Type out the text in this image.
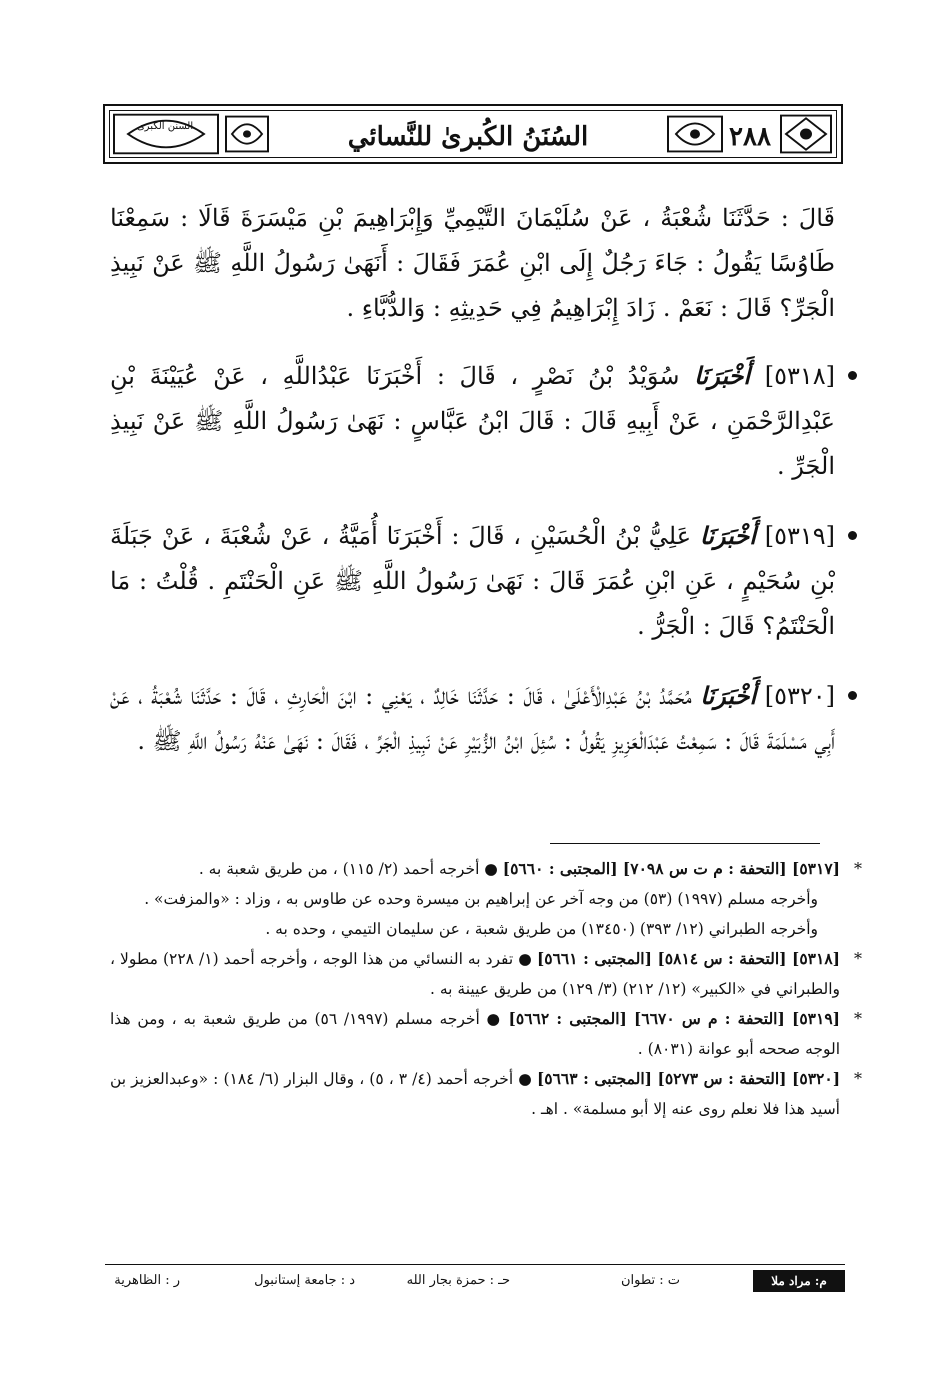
٢٨٨
السُنَنُ الكُبرىٰ للنَّسائي
السنن الكبرى

قَالَ : حَدَّثَنَا شُعْبَةُ ، عَنْ سُلَيْمَانَ التَّيْمِيِّ وَإِبْرَاهِيمَ بْنِ مَيْسَرَةَ قَالَا : سَمِعْنَا طَاوُسًا يَقُولُ : جَاءَ رَجُلٌ إِلَى ابْنِ عُمَرَ فَقَالَ : أَنَهَىٰ رَسُولُ اللَّهِ ﷺ عَنْ نَبِيذِ الْجَرِّ؟ قَالَ : نَعَمْ . زَادَ إِبْرَاهِيمُ فِي حَدِيثِهِ : وَالدُّبَّاءِ .

[٥٣١٨] أَخْبَرَنَا سُوَيْدُ بْنُ نَصْرٍ ، قَالَ : أَخْبَرَنَا عَبْدُاللَّهِ ، عَنْ عُيَيْنَةَ بْنِ عَبْدِالرَّحْمَنِ ، عَنْ أَبِيهِ قَالَ : قَالَ ابْنُ عَبَّاسٍ : نَهَىٰ رَسُولُ اللَّهِ ﷺ عَنْ نَبِيذِ الْجَرِّ .

[٥٣١٩] أَخْبَرَنَا عَلِيُّ بْنُ الْحُسَيْنِ ، قَالَ : أَخْبَرَنَا أُمَيَّةُ ، عَنْ شُعْبَةَ ، عَنْ جَبَلَةَ بْنِ سُحَيْمٍ ، عَنِ ابْنِ عُمَرَ قَالَ : نَهَىٰ رَسُولُ اللَّهِ ﷺ عَنِ الْحَنْتَمِ . قُلْتُ : مَا الْحَنْتَمُ؟ قَالَ : الْجَرُّ .

[٥٣٢٠] أَخْبَرَنَا مُحَمَّدُ بْنُ عَبْدِالْأَعْلَىٰ ، قَالَ : حَدَّثَنَا خَالِدٌ ، يَعْنِي : ابْنَ الْحَارِثِ ، قَالَ : حَدَّثَنَا شُعْبَةُ ، عَنْ أَبِي مَسْلَمَةَ قَالَ : سَمِعْتُ عَبْدَالْعَزِيزِ يَقُولُ : سُئِلَ ابْنُ الزُّبَيْرِ عَنْ نَبِيذِ الْجَرِّ ، فَقَالَ : نَهَىٰ عَنْهُ رَسُولُ اللَّهِ ﷺ .

*
[٥٣١٧] [التحفة : م ت س ٧٠٩٨] [المجتبى : ٥٦٦٠] ● أخرجه أحمد (٢/ ١١٥) ، من طريق شعبة به .

وأخرجه مسلم (١٩٩٧) (٥٣) من وجه آخر عن إبراهيم بن ميسرة وحده عن طاوس به ، وزاد : «والمزفت» .

وأخرجه الطبراني (١٢/ ٣٩٣) (١٣٤٥٠) من طريق شعبة ، عن سليمان التيمي ، وحده به .

*
[٥٣١٨] [التحفة : س ٥٨١٤] [المجتبى : ٥٦٦١] ● تفرد به النسائي من هذا الوجه ، وأخرجه أحمد (١/ ٢٢٨) مطولا ، والطبراني في «الكبير» (١٢/ ٢١٢) (٣/ ١٢٩) من طريق عيينة به .

*
[٥٣١٩] [التحفة : م س ٦٦٧٠] [المجتبى : ٥٦٦٢] ● أخرجه مسلم (١٩٩٧/ ٥٦) من طريق شعبة به ، ومن هذا الوجه صححه أبو عوانة (٨٠٣١) .

*
[٥٣٢٠] [التحفة : س ٥٢٧٣] [المجتبى : ٥٦٦٣] ● أخرجه أحمد (٤/ ٣ ، ٥) ، وقال البزار (٦/ ١٨٤) : «وعبدالعزيز بن أسيد هذا فلا نعلم روى عنه إلا أبو مسلمة» . اهـ .

م: مراد ملا
ت : تطوان
حـ : حمزة بجار الله
د : جامعة إستانبول
ر : الظاهرية
